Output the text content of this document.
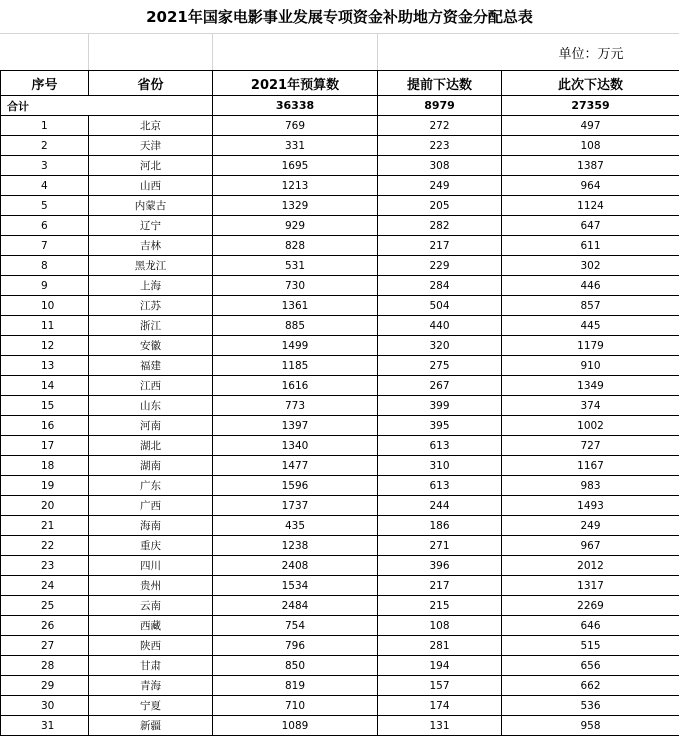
2021年国家电影事业发展专项资金补助地方资金分配总表
			单位：万元	
序号	省份	2021年预算数	提前下达数	此次下达数
合计		36338	8979	27359
1	北京	769	272	497
2	天津	331	223	108
3	河北	1695	308	1387
4	山西	1213	249	964
5	内蒙古	1329	205	1124
6	辽宁	929	282	647
7	吉林	828	217	611
8	黑龙江	531	229	302
9	上海	730	284	446
10	江苏	1361	504	857
11	浙江	885	440	445
12	安徽	1499	320	1179
13	福建	1185	275	910
14	江西	1616	267	1349
15	山东	773	399	374
16	河南	1397	395	1002
17	湖北	1340	613	727
18	湖南	1477	310	1167
19	广东	1596	613	983
20	广西	1737	244	1493
21	海南	435	186	249
22	重庆	1238	271	967
23	四川	2408	396	2012
24	贵州	1534	217	1317
25	云南	2484	215	2269
26	西藏	754	108	646
27	陕西	796	281	515
28	甘肃	850	194	656
29	青海	819	157	662
30	宁夏	710	174	536
31	新疆	1089	131	958
